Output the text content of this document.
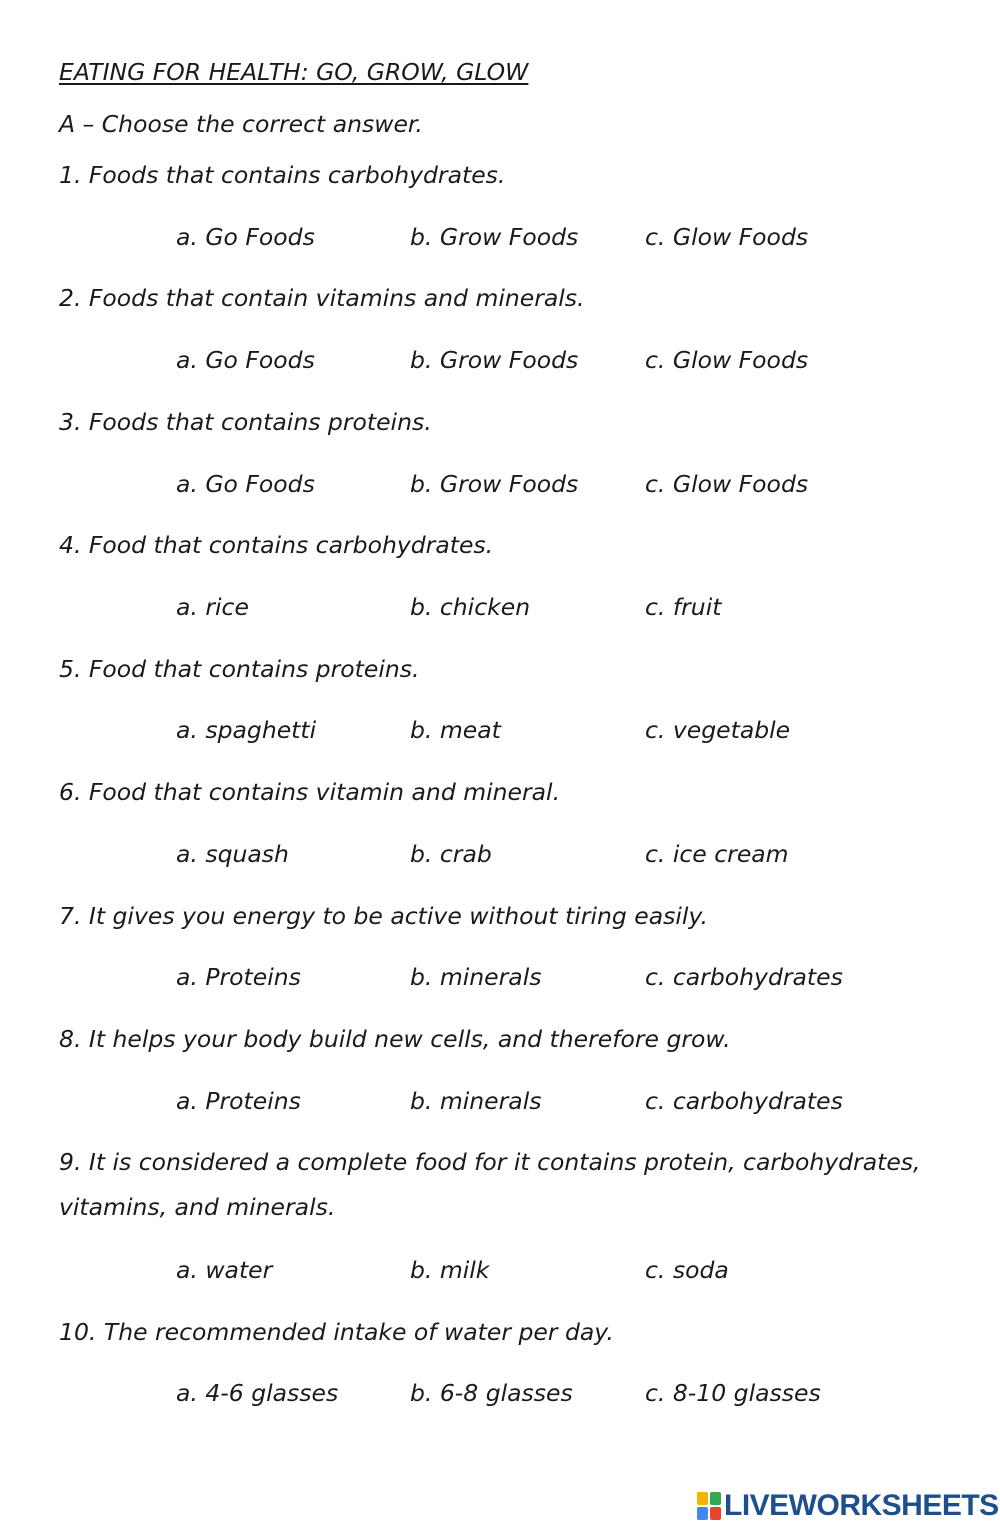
EATING FOR HEALTH: GO, GROW, GLOW
A – Choose the correct answer.
1. Foods that contains carbohydrates.
a. Go Foods	b. Grow Foods	c. Glow Foods
2. Foods that contain vitamins and minerals.
a. Go Foods	b. Grow Foods	c. Glow Foods
3. Foods that contains proteins.
a. Go Foods	b. Grow Foods	c. Glow Foods
4. Food that contains carbohydrates.
a. rice	b. chicken	c. fruit
5. Food that contains proteins.
a. spaghetti	b. meat	c. vegetable
6. Food that contains vitamin and mineral.
a. squash	b. crab	c. ice cream
7. It gives you energy to be active without tiring easily.
a. Proteins	b. minerals	c. carbohydrates
8. It helps your body build new cells, and therefore grow.
a. Proteins	b. minerals	c. carbohydrates
9. It is considered a complete food for it contains protein, carbohydrates, vitamins, and minerals.
a. water	b. milk	c. soda
10. The recommended intake of water per day.
a. 4-6 glasses	b. 6-8 glasses	c. 8-10 glasses
LIVEWORKSHEETS
